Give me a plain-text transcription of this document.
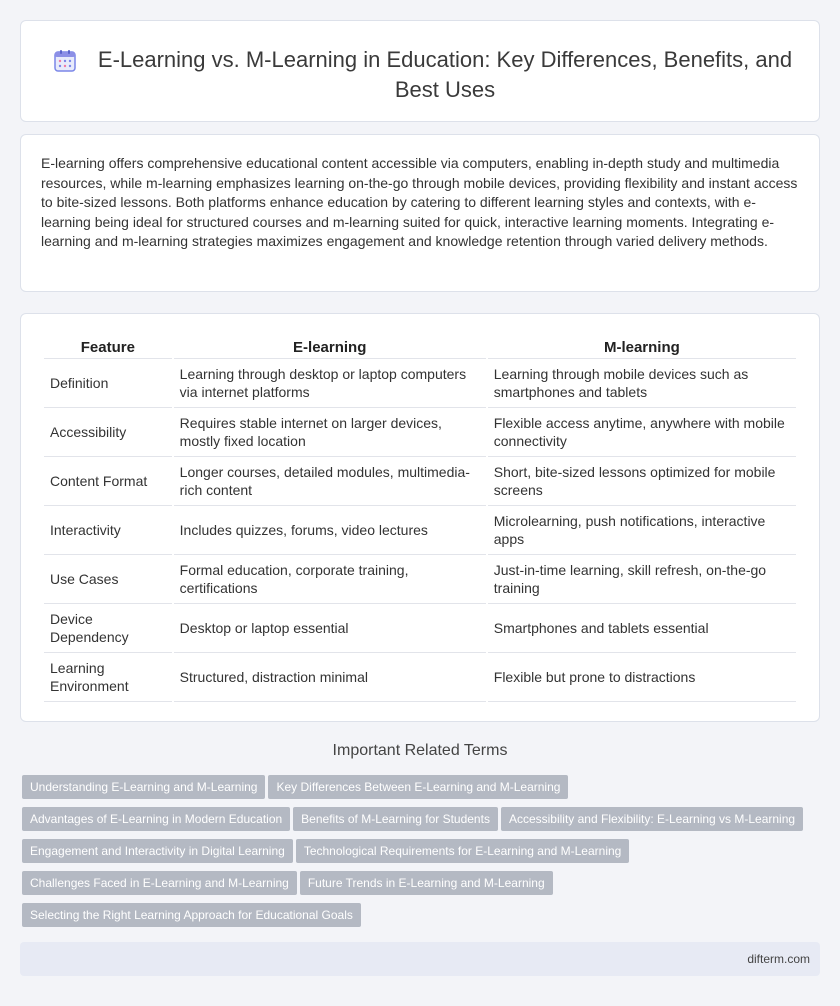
E-Learning vs. M-Learning in Education: Key Differences, Benefits, and Best Uses

E-learning offers comprehensive educational content accessible via computers, enabling in-depth study and multimedia resources, while m-learning emphasizes learning on-the-go through mobile devices, providing flexibility and instant access to bite-sized lessons. Both platforms enhance education by catering to different learning styles and contexts, with e-learning being ideal for structured courses and m-learning suited for quick, interactive learning moments. Integrating e-learning and m-learning strategies maximizes engagement and knowledge retention through varied delivery methods.

Feature	E-learning	M-learning
Definition	Learning through desktop or laptop computers via internet platforms	Learning through mobile devices such as smartphones and tablets
Accessibility	Requires stable internet on larger devices, mostly fixed location	Flexible access anytime, anywhere with mobile connectivity
Content Format	Longer courses, detailed modules, multimedia-rich content	Short, bite-sized lessons optimized for mobile screens
Interactivity	Includes quizzes, forums, video lectures	Microlearning, push notifications, interactive apps
Use Cases	Formal education, corporate training, certifications	Just-in-time learning, skill refresh, on-the-go training
Device Dependency	Desktop or laptop essential	Smartphones and tablets essential
Learning Environment	Structured, distraction minimal	Flexible but prone to distractions
Important Related Terms
Understanding E-Learning and M-Learning Key Differences Between E-Learning and M-Learning
Advantages of E-Learning in Modern Education Benefits of M-Learning for Students Accessibility and Flexibility: E-Learning vs M-Learning
Engagement and Interactivity in Digital Learning Technological Requirements for E-Learning and M-Learning
Challenges Faced in E-Learning and M-Learning Future Trends in E-Learning and M-Learning
Selecting the Right Learning Approach for Educational Goals
difterm.com
